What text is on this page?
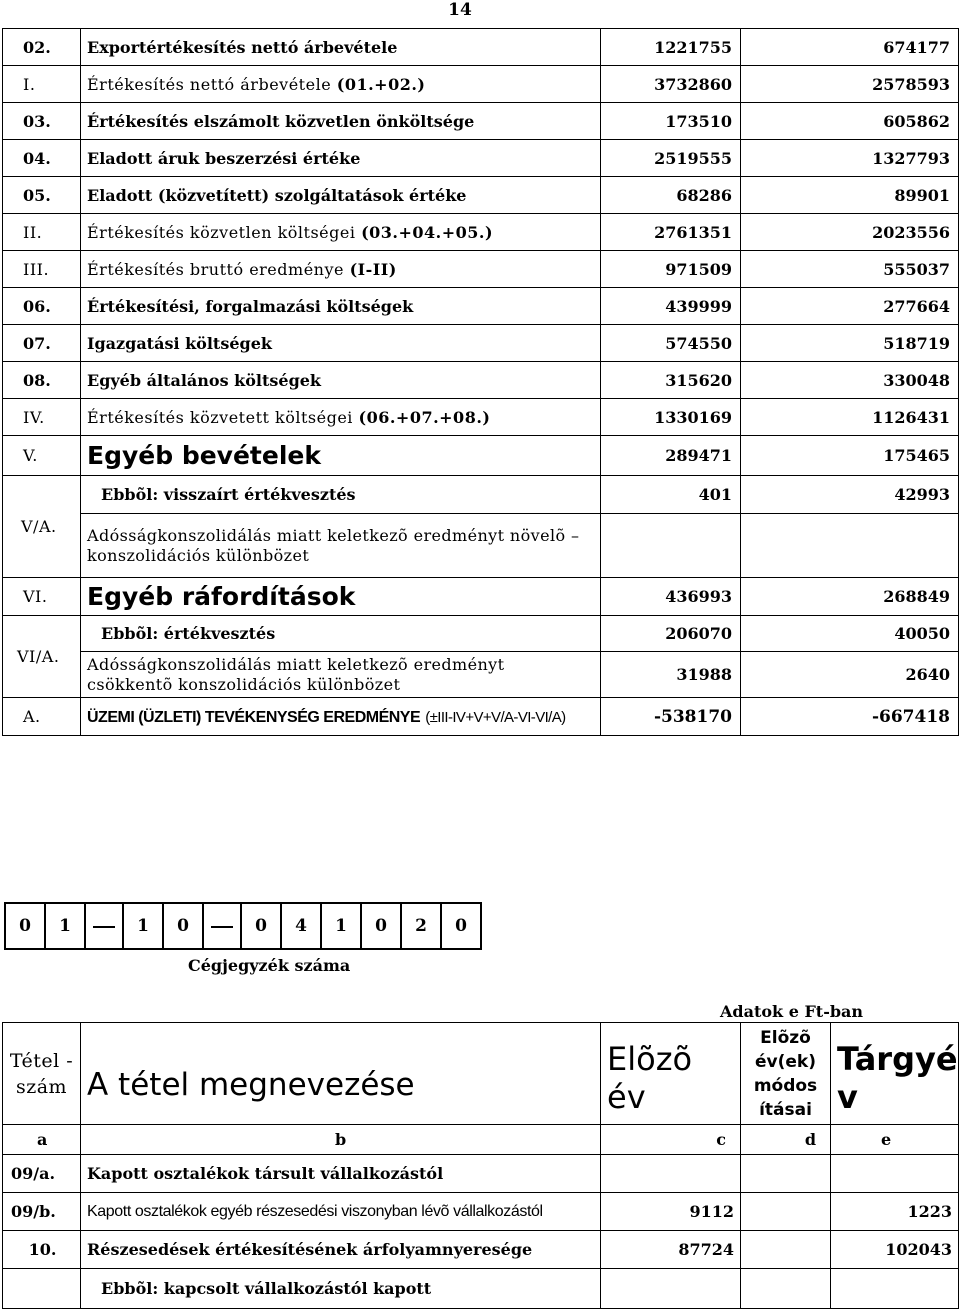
14
02.	Exportértékesítés nettó árbevétele	1221755	674177
I.	Értékesítés nettó árbevétele (01.+02.)	3732860	2578593
03.	Értékesítés elszámolt közvetlen önköltsége	173510	605862
04.	Eladott áruk beszerzési értéke	2519555	1327793
05.	Eladott (közvetített) szolgáltatások értéke	68286	89901
II.	Értékesítés közvetlen költségei (03.+04.+05.)	2761351	2023556
III.	Értékesítés bruttó eredménye (I-II)	971509	555037
06.	Értékesítési, forgalmazási költségek	439999	277664
07.	Igazgatási költségek	574550	518719
08.	Egyéb általános költségek	315620	330048
IV.	Értékesítés közvetett költségei (06.+07.+08.)	1330169	1126431
V.	Egyéb bevételek	289471	175465
V/A.	Ebbõl: visszaírt értékvesztés	401	42993
	Adósságkonszolidálás miatt keletkezõ eredményt növelõ – konszolidációs különbözet		
VI.	Egyéb ráfordítások	436993	268849
VI/A.	Ebbõl: értékvesztés	206070	40050
	Adósságkonszolidálás miatt keletkezõ eredményt csökkentõ konszolidációs különbözet	31988	2640
A.	ÜZEMI (ÜZLETI) TEVÉKENYSÉG EREDMÉNYE (±III-IV+V+V/A-VI-VI/A)	-538170	-667418
0	1		1	0		0	4	1	0	2	0
Cégjegyzék száma
Adatok e Ft-ban
Tétel - szám	A tétel megnevezése	Elõzõ év	Elõzõ év(ek) módos ításai	Tárgyé v
a	b	c	d	e
09/a.	Kapott osztalékok társult vállalkozástól			
09/b.	Kapott osztalékok egyéb részesedési viszonyban lévõ vállalkozástól	9112		1223
10.	Részesedések értékesítésének árfolyamnyeresége	87724		102043
	Ebbõl: kapcsolt vállalkozástól kapott			
